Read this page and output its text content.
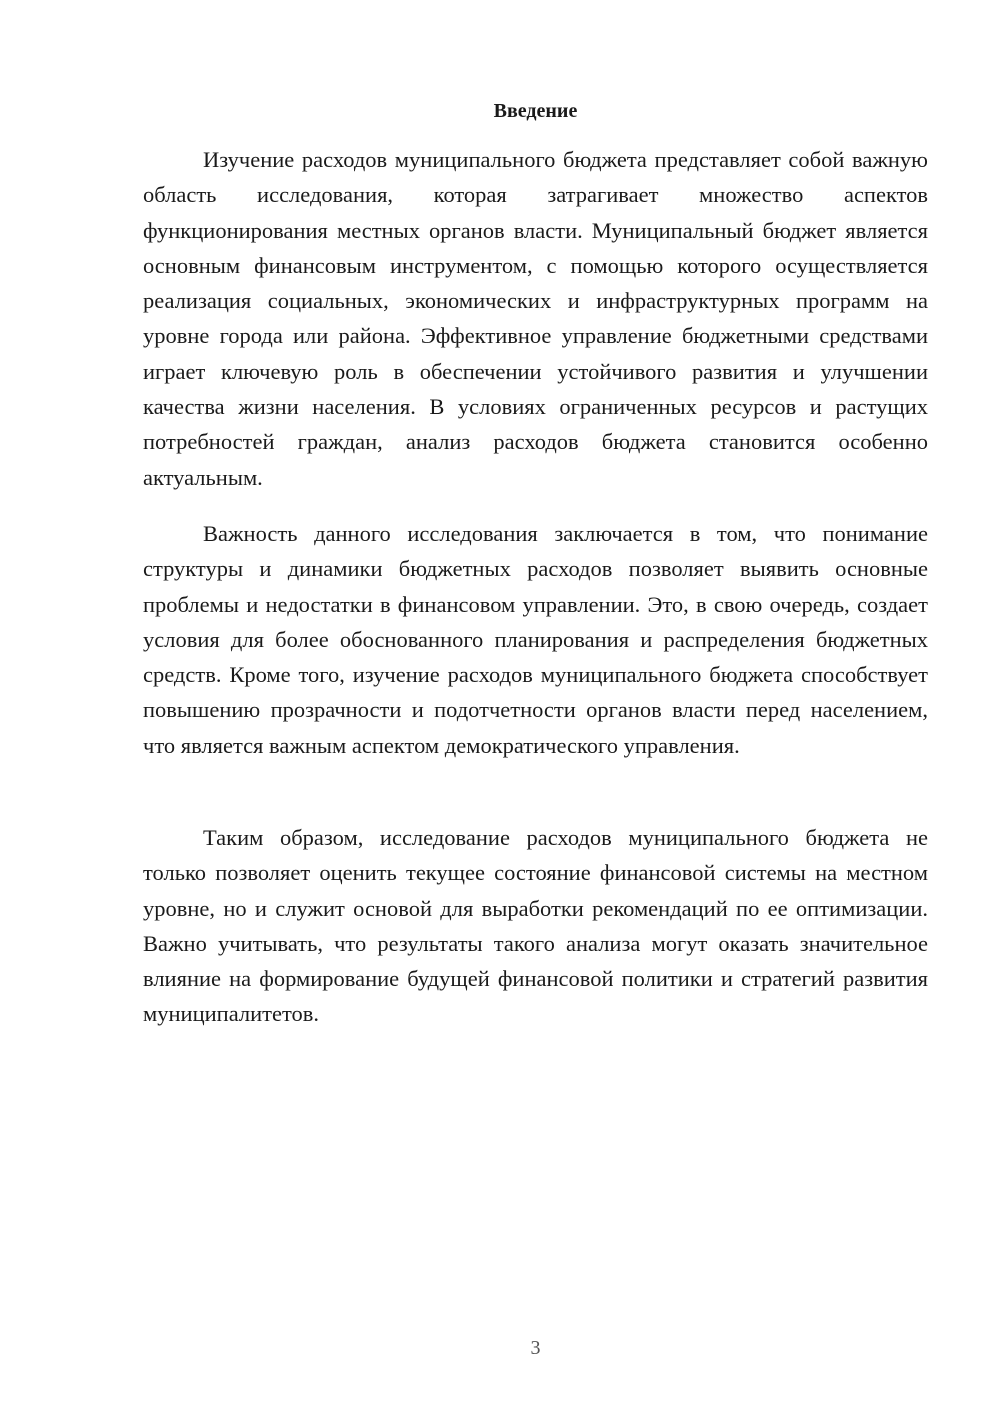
Введение

Изучение расходов муниципального бюджета представляет собой важную область исследования, которая затрагивает множество аспектов функционирования местных органов власти. Муниципальный бюджет является основным финансовым инструментом, с помощью которого осуществляется реализация социальных, экономических и инфраструктурных программ на уровне города или района. Эффективное управление бюджетными средствами играет ключевую роль в обеспечении устойчивого развития и улучшении качества жизни населения. В условиях ограниченных ресурсов и растущих потребностей граждан, анализ расходов бюджета становится особенно актуальным.

Важность данного исследования заключается в том, что понимание структуры и динамики бюджетных расходов позволяет выявить основные проблемы и недостатки в финансовом управлении. Это, в свою очередь, создает условия для более обоснованного планирования и распределения бюджетных средств. Кроме того, изучение расходов муниципального бюджета способствует повышению прозрачности и подотчетности органов власти перед населением, что является важным аспектом демократического управления.

Таким образом, исследование расходов муниципального бюджета не только позволяет оценить текущее состояние финансовой системы на местном уровне, но и служит основой для выработки рекомендаций по ее оптимизации. Важно учитывать, что результаты такого анализа могут оказать значительное влияние на формирование будущей финансовой политики и стратегий развития муниципалитетов.

3
